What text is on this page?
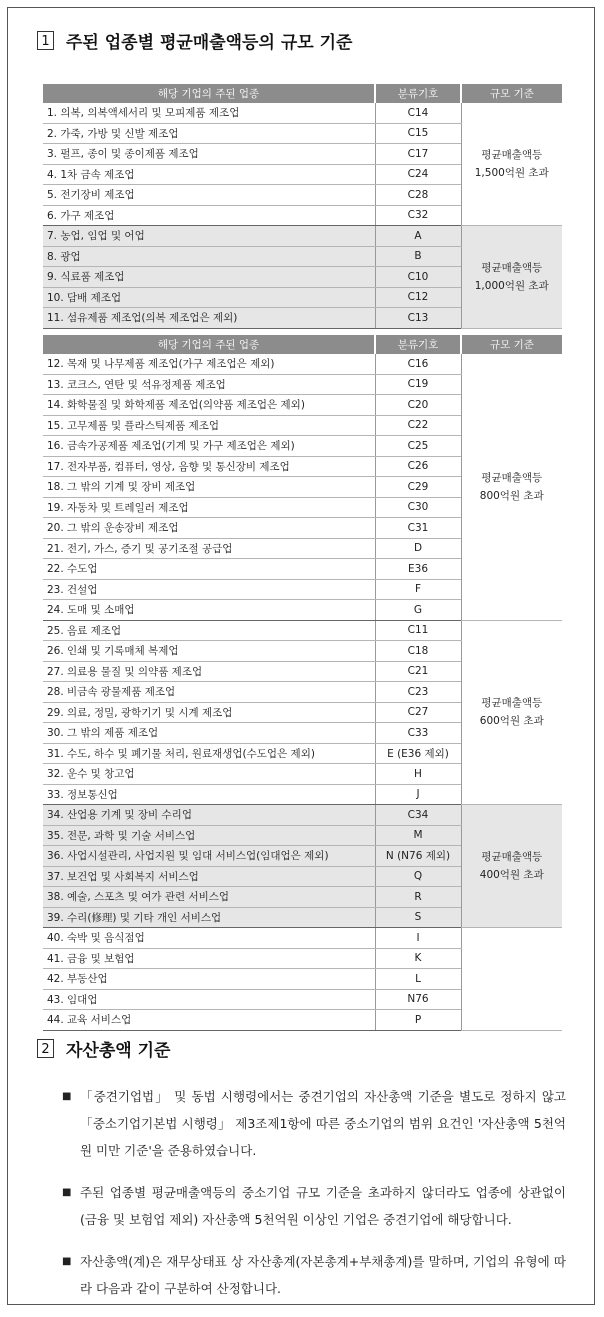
1 주된 업종별 평균매출액등의 규모 기준
해당 기업의 주된 업종	분류기호	규모 기준
1. 의복, 의복액세서리 및 모피제품 제조업	C14	평균매출액등
1,500억원 초과

2. 가죽, 가방 및 신발 제조업	C15	
3. 펄프, 종이 및 종이제품 제조업	C17	
4. 1차 금속 제조업	C24	
5. 전기장비 제조업	C28	
6. 가구 제조업	C32	
7. 농업, 임업 및 어업	A	평균매출액등
1,000억원 초과

8. 광업	B	
9. 식료품 제조업	C10	
10. 담배 제조업	C12	
11. 섬유제품 제조업(의복 제조업은 제외)	C13	
해당 기업의 주된 업종	분류기호	규모 기준
12. 목재 및 나무제품 제조업(가구 제조업은 제외)	C16	평균매출액등
800억원 초과

13. 코크스, 연탄 및 석유정제품 제조업	C19	
14. 화학물질 및 화학제품 제조업(의약품 제조업은 제외)	C20	
15. 고무제품 및 플라스틱제품 제조업	C22	
16. 금속가공제품 제조업(기계 및 가구 제조업은 제외)	C25	
17. 전자부품, 컴퓨터, 영상, 음향 및 통신장비 제조업	C26	
18. 그 밖의 기계 및 장비 제조업	C29	
19. 자동차 및 트레일러 제조업	C30	
20. 그 밖의 운송장비 제조업	C31	
21. 전기, 가스, 증기 및 공기조절 공급업	D	
22. 수도업	E36	
23. 건설업	F	
24. 도매 및 소매업	G	
25. 음료 제조업	C11	평균매출액등
600억원 초과

26. 인쇄 및 기록매체 복제업	C18	
27. 의료용 물질 및 의약품 제조업	C21	
28. 비금속 광물제품 제조업	C23	
29. 의료, 정밀, 광학기기 및 시계 제조업	C27	
30. 그 밖의 제품 제조업	C33	
31. 수도, 하수 및 폐기물 처리, 원료재생업(수도업은 제외)	E (E36 제외)	
32. 운수 및 창고업	H	
33. 정보통신업	J	
34. 산업용 기계 및 장비 수리업	C34	평균매출액등
400억원 초과

35. 전문, 과학 및 기술 서비스업	M	
36. 사업시설관리, 사업지원 및 임대 서비스업(임대업은 제외)	N (N76 제외)	
37. 보건업 및 사회복지 서비스업	Q	
38. 예술, 스포츠 및 여가 관련 서비스업	R	
39. 수리(修理) 및 기타 개인 서비스업	S	
40. 숙박 및 음식점업	I	

41. 금융 및 보험업	K	
42. 부동산업	L	
43. 임대업	N76	
44. 교육 서비스업	P	
2 자산총액 기준
■ 「중견기업법」 및 동법 시행령에서는 중견기업의 자산총액 기준을 별도로 정하지 않고 「중소기업기본법 시행령」 제3조제1항에 따른 중소기업의 범위 요건인 '자산총액 5천억원 미만 기준'을 준용하였습니다.
■ 주된 업종별 평균매출액등의 중소기업 규모 기준을 초과하지 않더라도 업종에 상관없이 (금융 및 보험업 제외) 자산총액 5천억원 이상인 기업은 중견기업에 해당합니다.
■ 자산총액(계)은 재무상태표 상 자산총계(자본총계+부채총계)를 말하며, 기업의 유형에 따라 다음과 같이 구분하여 산정합니다.
